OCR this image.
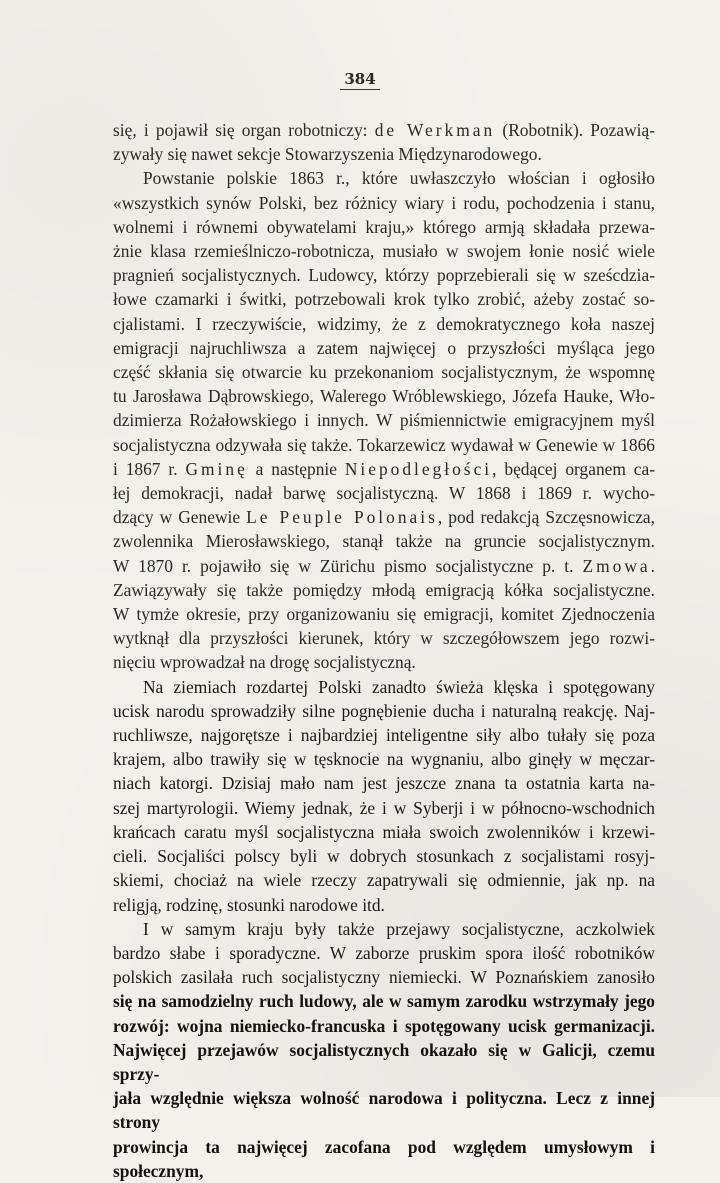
384

się, i pojawił się organ robotniczy: de Werkman (Robotnik). Pozawią-

zywały się nawet sekcje Stowarzyszenia Międzynarodowego.

Powstanie polskie 1863 r., które uwłaszczyło włościan i ogłosiło

«wszystkich synów Polski, bez różnicy wiary i rodu, pochodzenia i stanu,

wolnemi i równemi obywatelami kraju,» którego armją składała przewa-

żnie klasa rzemieślniczo-robotnicza, musiało w swojem łonie nosić wiele

pragnień socjalistycznych. Ludowcy, którzy poprzebierali się w sześcdzia-

łowe czamarki i świtki, potrzebowali krok tylko zrobić, ażeby zostać so-

cjalistami. I rzeczywiście, widzimy, że z demokratycznego koła naszej

emigracji najruchliwsza a zatem najwięcej o przyszłości myśląca jego

część skłania się otwarcie ku przekonaniom socjalistycznym, że wspomnę

tu Jarosława Dąbrowskiego, Walerego Wróblewskiego, Józefa Hauke, Wło-

dzimierza Rożałowskiego i innych. W piśmiennictwie emigracyjnem myśl

socjalistyczna odzywała się także. Tokarzewicz wydawał w Genewie w 1866

i 1867 r. Gminę a następnie Niepodległości, będącej organem ca-

łej demokracji, nadał barwę socjalistyczną. W 1868 i 1869 r. wycho-

dzący w Genewie Le Peuple Polonais, pod redakcją Szczęsnowicza,

zwolennika Mierosławskiego, stanął także na gruncie socjalistycznym.

W 1870 r. pojawiło się w Zürichu pismo socjalistyczne p. t. Zmowa.

Zawiązywały się także pomiędzy młodą emigracją kółka socjalistyczne.

W tymże okresie, przy organizowaniu się emigracji, komitet Zjednoczenia

wytknął dla przyszłości kierunek, który w szczegółowszem jego rozwi-

nięciu wprowadzał na drogę socjalistyczną.

Na ziemiach rozdartej Polski zanadto świeża klęska i spotęgowany

ucisk narodu sprowadziły silne pognębienie ducha i naturalną reakcję. Naj-

ruchliwsze, najgorętsze i najbardziej inteligentne siły albo tułały się poza

krajem, albo trawiły się w tęsknocie na wygnaniu, albo ginęły w męczar-

niach katorgi. Dzisiaj mało nam jest jeszcze znana ta ostatnia karta na-

szej martyrologii. Wiemy jednak, że i w Syberji i w północno-wschodnich

krańcach caratu myśl socjalistyczna miała swoich zwolenników i krzewi-

cieli. Socjaliści polscy byli w dobrych stosunkach z socjalistami rosyj-

skiemi, chociaż na wiele rzeczy zapatrywali się odmiennie, jak np. na

religją, rodzinę, stosunki narodowe itd.

I w samym kraju były także przejawy socjalistyczne, aczkolwiek

bardzo słabe i sporadyczne. W zaborze pruskim spora ilość robotników

polskich zasilała ruch socjalistyczny niemiecki. W Poznańskiem zanosiło

się na samodzielny ruch ludowy, ale w samym zarodku wstrzymały jego

rozwój: wojna niemiecko-francuska i spotęgowany ucisk germanizacji.

Najwięcej przejawów socjalistycznych okazało się w Galicji, czemu sprzy-

jała względnie większa wolność narodowa i polityczna. Lecz z innej strony

prowincja ta najwięcej zacofana pod względem umysłowym i społecznym,
